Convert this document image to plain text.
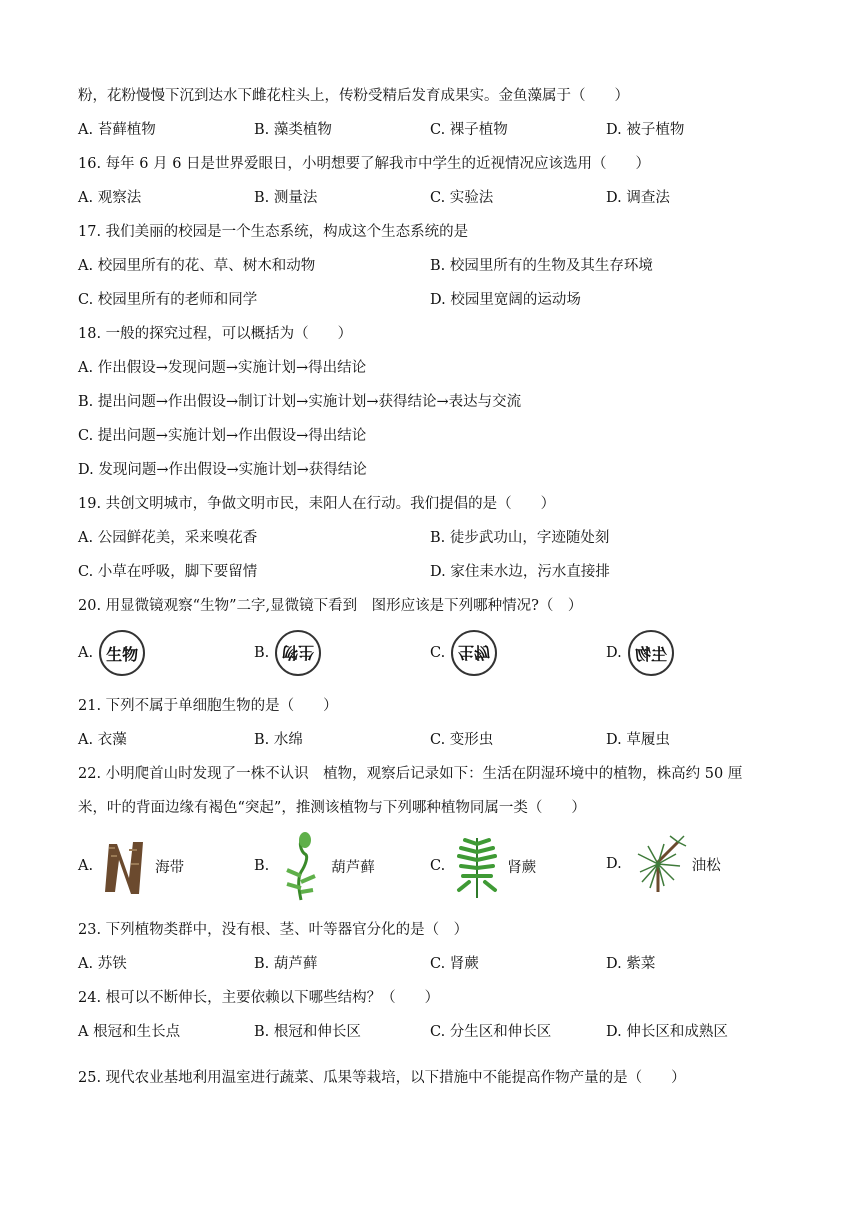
粉，花粉慢慢下沉到达水下雌花柱头上，传粉受精后发育成果实。金鱼藻属于（　　）
A. 苔藓植物	B. 藻类植物	C. 裸子植物	D. 被子植物
16. 每年 6 月 6 日是世界爱眼日，小明想要了解我市中学生的近视情况应该选用（　　）
A. 观察法	B. 测量法	C. 实验法	D. 调查法
17. 我们美丽的校园是一个生态系统，构成这个生态系统的是
A. 校园里所有的花、草、树木和动物	B. 校园里所有的生物及其生存环境
C. 校园里所有的老师和同学	D. 校园里宽阔的运动场
18. 一般的探究过程，可以概括为（　　）
A. 作出假设→发现问题→实施计划→得出结论
B. 提出问题→作出假设→制订计划→实施计划→获得结论→表达与交流
C. 提出问题→实施计划→作出假设→得出结论
D. 发现问题→作出假设→实施计划→获得结论
19. 共创文明城市，争做文明市民，耒阳人在行动。我们提倡的是（　　）
A. 公园鲜花美，采来嗅花香	B. 徒步武功山，字迹随处刻
C. 小草在呼吸，脚下要留情	D. 家住耒水边，污水直接排
20. 用显微镜观察“生物”二字,显微镜下看到　图形应该是下列哪种情况?（　）
A. 生物	B. 生物	C. 生物	D. 生物
21. 下列不属于单细胞生物的是（　　）
A. 衣藻	B. 水绵	C. 变形虫	D. 草履虫
22. 小明爬首山时发现了一株不认识　植物，观察后记录如下：生活在阴湿环境中的植物，株高约 50 厘
米，叶的背面边缘有褐色“突起”，推测该植物与下列哪种植物同属一类（　　）
A.	海带	B.	葫芦藓	C.	肾蕨	D.	油松
23. 下列植物类群中，没有根、茎、叶等器官分化的是（　）
A. 苏铁	B. 葫芦藓	C. 肾蕨	D. 紫菜
24. 根可以不断伸长，主要依赖以下哪些结构？（　　）
A 根冠和生长点	B. 根冠和伸长区	C. 分生区和伸长区	D. 伸长区和成熟区
25. 现代农业基地利用温室进行蔬菜、瓜果等栽培，以下措施中不能提高作物产量的是（　　）
